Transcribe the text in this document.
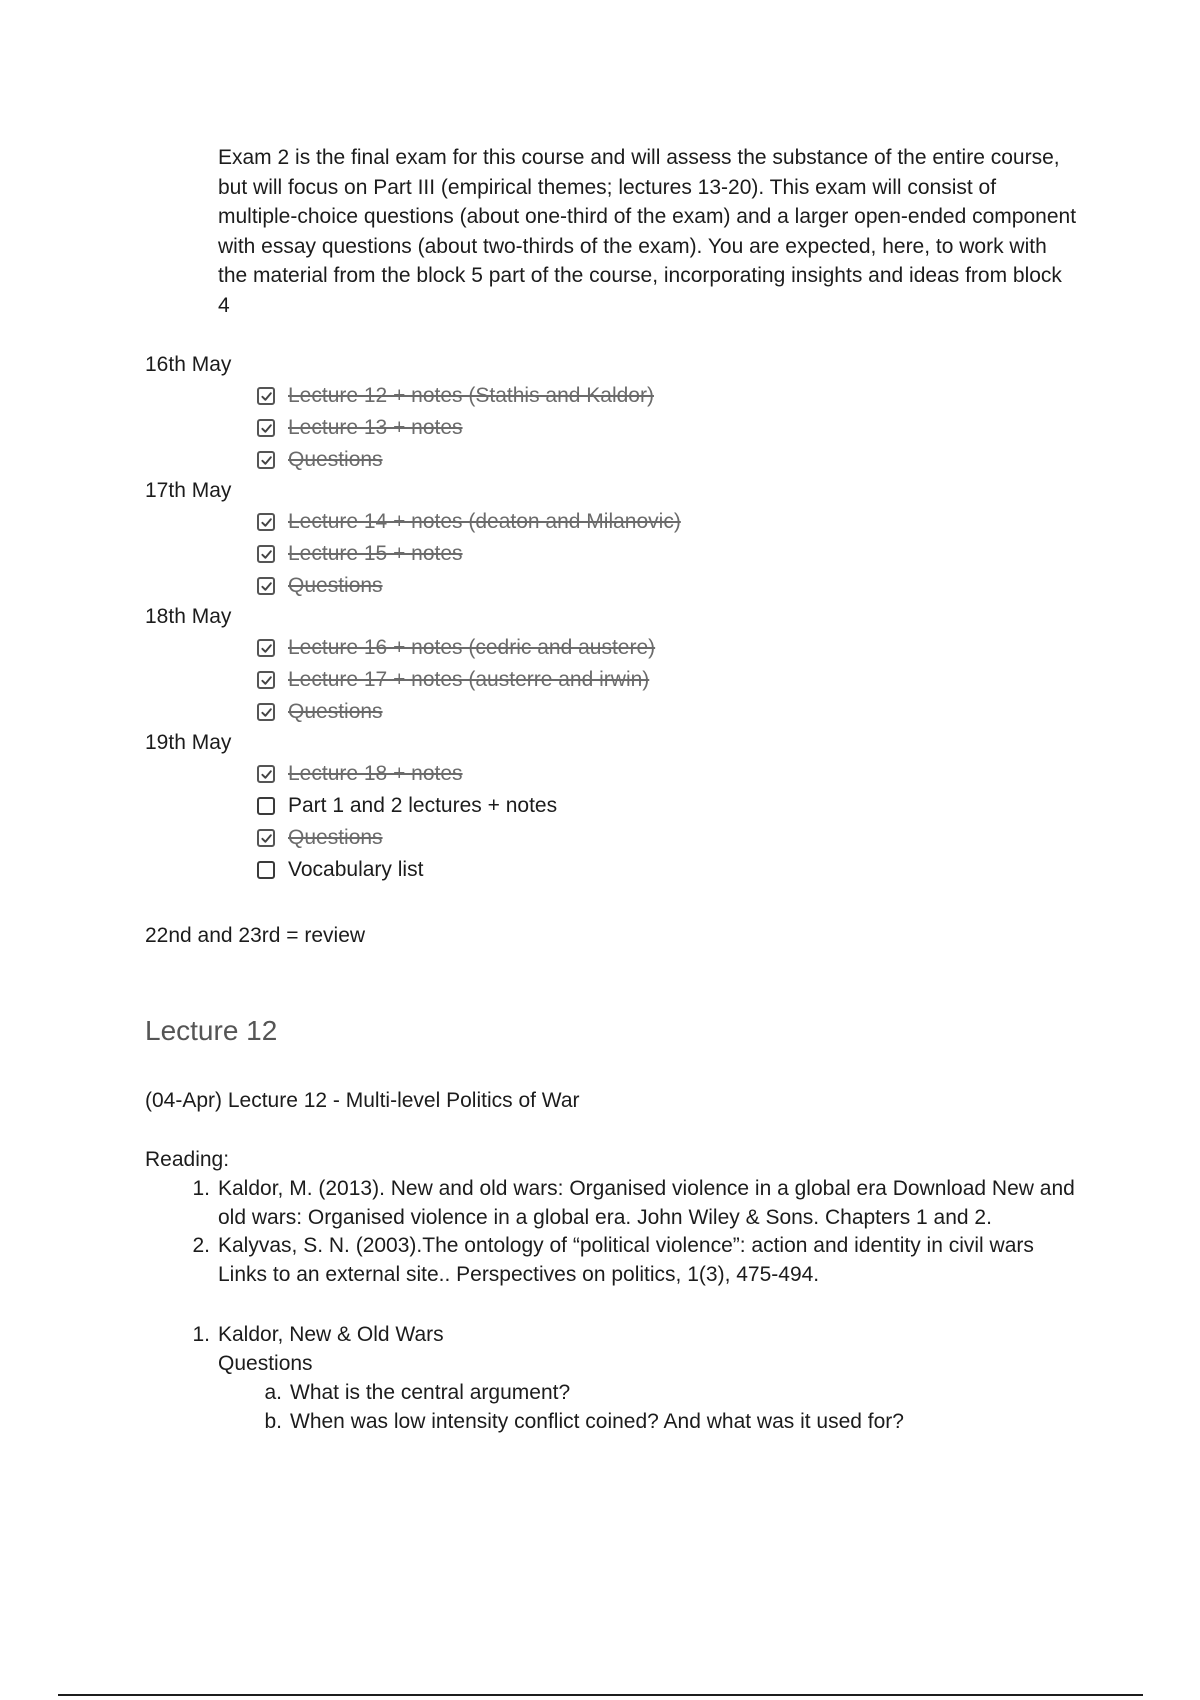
Exam 2 is the final exam for this course and will assess the substance of the entire course, but will focus on Part III (empirical themes; lectures 13-20). This exam will consist of multiple-choice questions (about one-third of the exam) and a larger open-ended component with essay questions (about two-thirds of the exam). You are expected, here, to work with the material from the block 5 part of the course, incorporating insights and ideas from block 4
16th May
Lecture 12 + notes (Stathis and Kaldor)
Lecture 13 + notes
Questions
17th May
Lecture 14 + notes (deaton and Milanovic)
Lecture 15 + notes
Questions
18th May
Lecture 16 + notes (cedric and austere)
Lecture 17 + notes (austerre and irwin)
Questions
19th May
Lecture 18 + notes
Part 1 and 2 lectures + notes
Questions
Vocabulary list
22nd and 23rd = review
Lecture 12
(04-Apr) Lecture 12 - Multi-level Politics of War
Reading:
1. Kaldor, M. (2013). New and old wars: Organised violence in a global era Download New and old wars: Organised violence in a global era. John Wiley & Sons. Chapters 1 and 2.
2. Kalyvas, S. N. (2003).The ontology of “political violence”: action and identity in civil wars Links to an external site.. Perspectives on politics, 1(3), 475-494.
1. Kaldor, New & Old Wars
Questions
a. What is the central argument?
b. When was low intensity conflict coined? And what was it used for?
